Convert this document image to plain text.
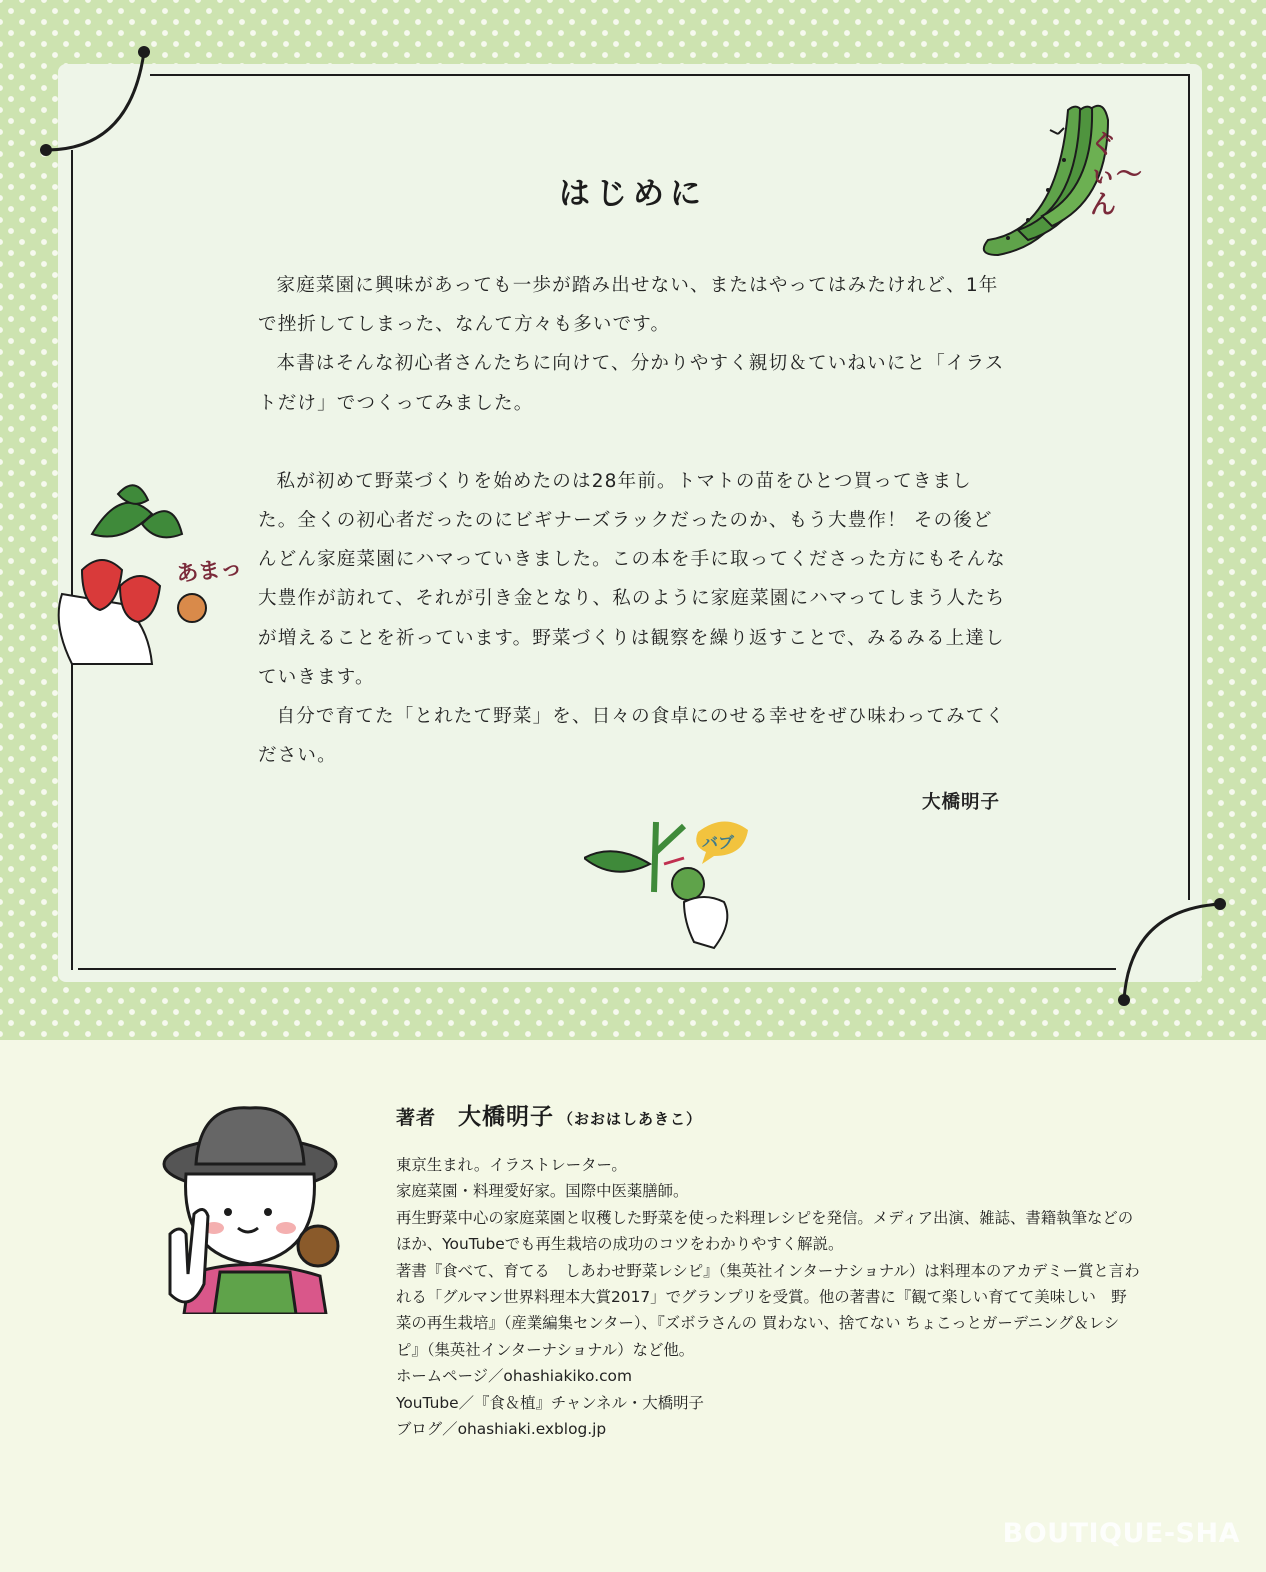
ぐぃ〜ん
あまっ
バブ
はじめに

家庭菜園に興味があっても一歩が踏み出せない、またはやってはみたけれど、1年で挫折してしまった、なんて方々も多いです。

本書はそんな初心者さんたちに向けて、分かりやすく親切＆ていねいにと「イラストだけ」でつくってみました。

私が初めて野菜づくりを始めたのは28年前。トマトの苗をひとつ買ってきました。全くの初心者だったのにビギナーズラックだったのか、もう大豊作！ その後どんどん家庭菜園にハマっていきました。この本を手に取ってくださった方にもそんな大豊作が訪れて、それが引き金となり、私のように家庭菜園にハマってしまう人たちが増えることを祈っています。野菜づくりは観察を繰り返すことで、みるみる上達していきます。

自分で育てた「とれたて野菜」を、日々の食卓にのせる幸せをぜひ味わってみてください。

大橋明子
著者 大橋明子 （おおはしあきこ）
東京生まれ。イラストレーター。
家庭菜園・料理愛好家。国際中医薬膳師。
再生野菜中心の家庭菜園と収穫した野菜を使った料理レシピを発信。メディア出演、雑誌、書籍執筆などのほか、YouTubeでも再生栽培の成功のコツをわかりやすく解説。
著書『食べて、育てる　しあわせ野菜レシピ』（集英社インターナショナル）は料理本のアカデミー賞と言われる「グルマン世界料理本大賞2017」でグランプリを受賞。他の著書に『観て楽しい育てて美味しい　野菜の再生栽培』（産業編集センター）、『ズボラさんの 買わない、捨てない ちょこっとガーデニング＆レシピ』（集英社インターナショナル）など他。
ホームページ／ohashiakiko.com
YouTube／『食＆植』チャンネル・大橋明子
ブログ／ohashiaki.exblog.jp
BOUTIQUE-SHA
